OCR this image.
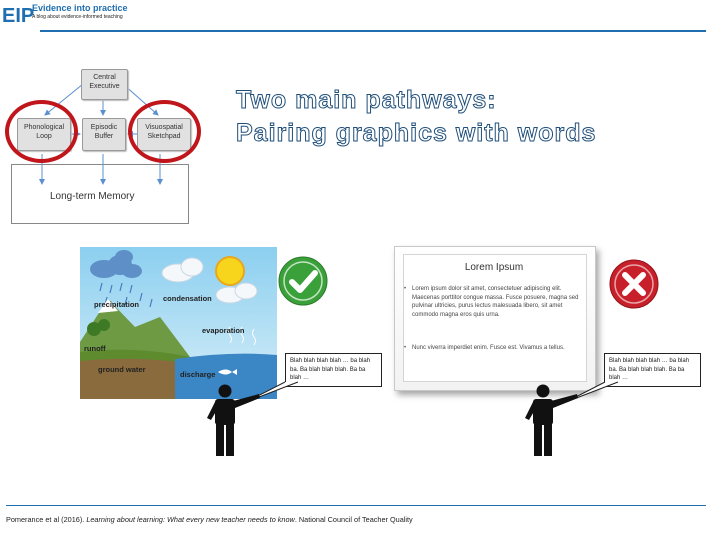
EIP
Evidence into practice
A blog about evidence-informed teaching
Two main pathways:
Pairing graphics with words
Long-term Memory
Central
Executive
Phonological
Loop
Episodic
Buffer
Visuospatial
Sketchpad
condensation
precipitation
evaporation
runoff
ground water
discharge
Lorem Ipsum
• Lorem ipsum dolor sit amet, consectetuer adipiscing elit. Maecenas porttitor congue massa. Fusce posuere, magna sed pulvinar ultricies, purus lectus malesuada libero, sit amet commodo magna eros quis urna.
• Nunc viverra imperdiet enim. Fusce est. Vivamus a tellus.
Blah blah blah blah … ba blah ba. Ba blah blah blah. Ba ba blah …
Blah blah blah blah … ba blah ba. Ba blah blah blah. Ba ba blah …
Pomerance et al (2016). Learning about learning: What every new teacher needs to know. National Council of Teacher Quality
